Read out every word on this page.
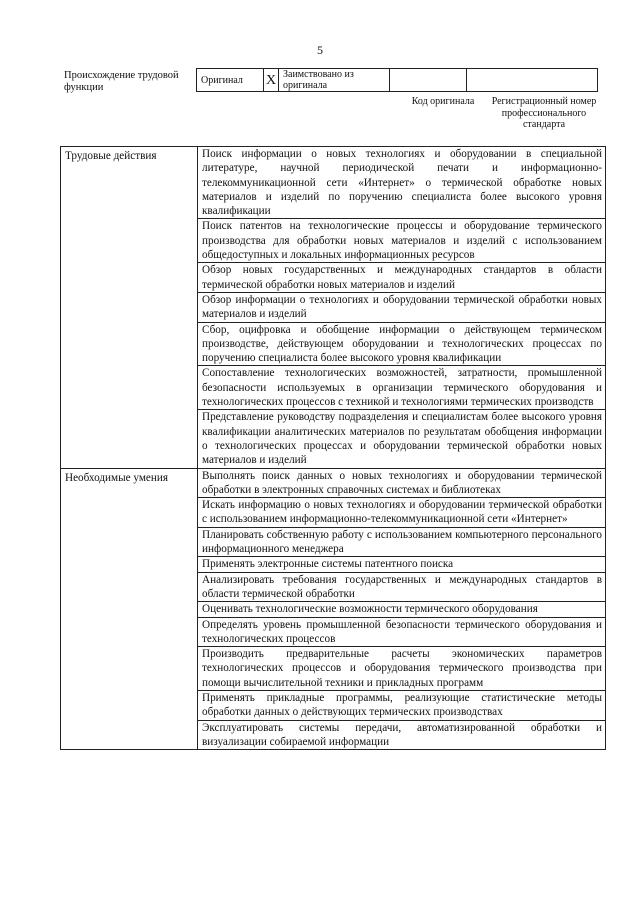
5
Происхождение трудовой функции
Оригинал	X	Заимствовано из оригинала		
Код оригинала	Регистрационный номер профессионального стандарта
Трудовые действия	Поиск информации о новых технологиях и оборудовании в специальной литературе, научной периодической печати и информационно-телекоммуникационной сети «Интернет» о термической обработке новых материалов и изделий по поручению специалиста более высокого уровня квалификации
	Поиск патентов на технологические процессы и оборудование термического производства для обработки новых материалов и изделий с использованием общедоступных и локальных информационных ресурсов
	Обзор новых государственных и международных стандартов в области термической обработки новых материалов и изделий
	Обзор информации о технологиях и оборудовании термической обработки новых материалов и изделий
	Сбор, оцифровка и обобщение информации о действующем термическом производстве, действующем оборудовании и технологических процессах по поручению специалиста более высокого уровня квалификации
	Сопоставление технологических возможностей, затратности, промышленной безопасности используемых в организации термического оборудования и технологических процессов с техникой и технологиями термических производств
	Представление руководству подразделения и специалистам более высокого уровня квалификации аналитических материалов по результатам обобщения информации о технологических процессах и оборудовании термической обработки новых материалов и изделий
Необходимые умения	Выполнять поиск данных о новых технологиях и оборудовании термической обработки в электронных справочных системах и библиотеках
	Искать информацию о новых технологиях и оборудовании термической обработки с использованием информационно-телекоммуникационной сети «Интернет»
	Планировать собственную работу с использованием компьютерного персонального информационного менеджера
	Применять электронные системы патентного поиска
	Анализировать требования государственных и международных стандартов в области термической обработки
	Оценивать технологические возможности термического оборудования
	Определять уровень промышленной безопасности термического оборудования и технологических процессов
	Производить предварительные расчеты экономических параметров технологических процессов и оборудования термического производства при помощи вычислительной техники и прикладных программ
	Применять прикладные программы, реализующие статистические методы обработки данных о действующих термических производствах
	Эксплуатировать системы передачи, автоматизированной обработки и визуализации собираемой информации
